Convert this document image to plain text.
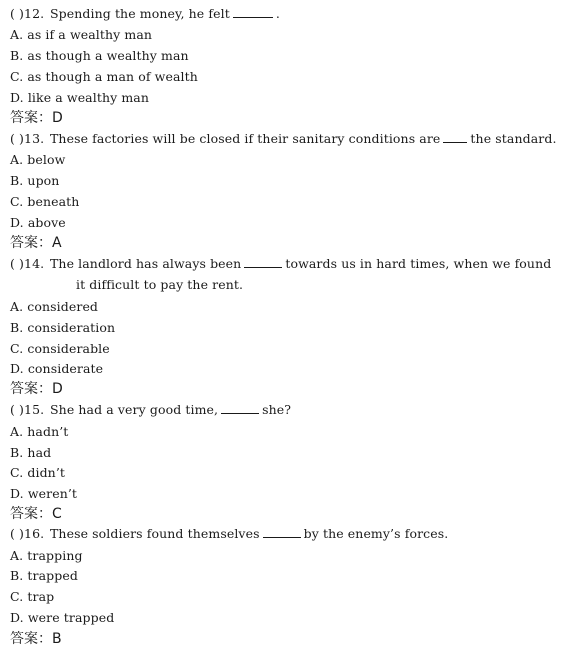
( )12. Spending the money, he felt	.
A. as if a wealthy man
B. as though a wealthy man
C. as though a man of wealth
D. like a wealthy man
答案：D
( )13. These factories will be closed if their sanitary conditions are the standard.
A. below
B. upon
C. beneath
D. above
答案：A
( )14. The landlord has always been	towards us in hard times, when we found
it difficult to pay the rent.
A. considered
B. consideration
C. considerable
D. considerate
答案：D
( )15. She had a very good time,	she?
A. hadn’t
B. had
C. didn’t
D. weren’t
答案：C
( )16. These soldiers found themselves	by the enemy’s forces.
A. trapping
B. trapped
C. trap
D. were trapped
答案：B
